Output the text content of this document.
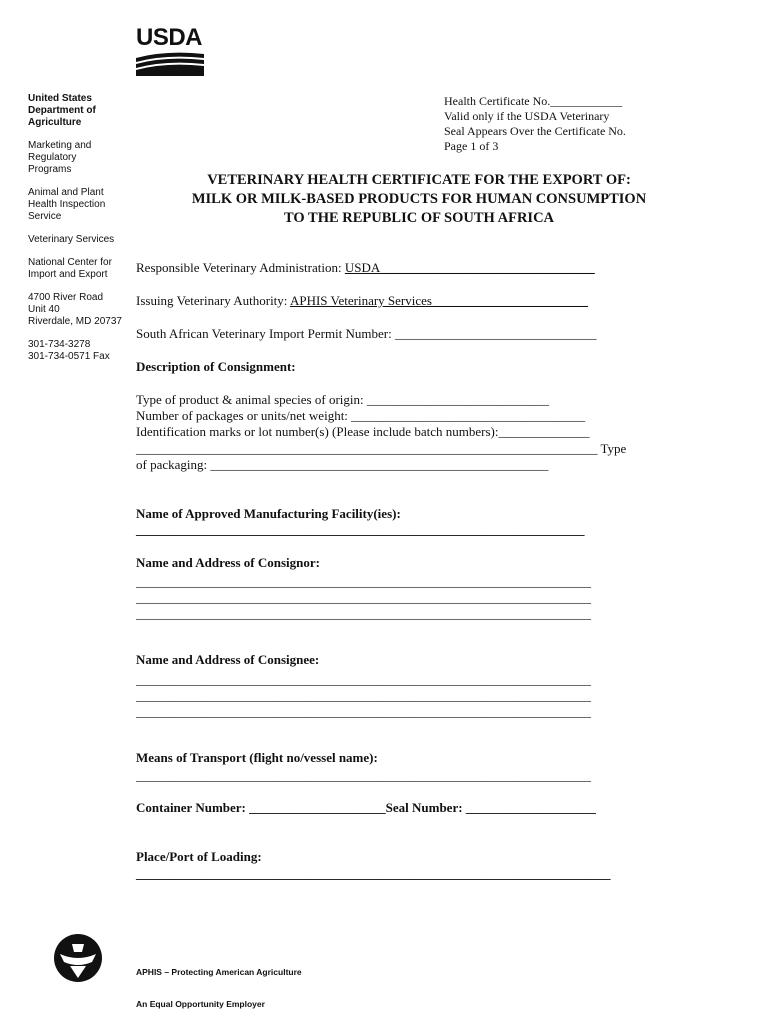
USDA
United States
Department of
Agriculture
Marketing and
Regulatory
Programs
Animal and Plant
Health Inspection
Service
Veterinary Services
National Center for
Import and Export
4700 River Road
Unit 40
Riverdale, MD 20737
301-734-3278
301-734-0571 Fax
Health Certificate No.____________
Valid only if the USDA Veterinary
Seal Appears Over the Certificate No.
Page 1 of 3
VETERINARY HEALTH CERTIFICATE FOR THE EXPORT OF:
MILK OR MILK-BASED PRODUCTS FOR HUMAN CONSUMPTION
TO THE REPUBLIC OF SOUTH AFRICA
Responsible Veterinary Administration: USDA_________________________________
Issuing Veterinary Authority: APHIS Veterinary Services________________________
South African Veterinary Import Permit Number: _______________________________
Description of Consignment:
Type of product & animal species of origin: ____________________________
Number of packages or units/net weight: ____________________________________
Identification marks or lot number(s) (Please include batch numbers):______________
_______________________________________________________________________ Type
of packaging: ____________________________________________________
Name of Approved Manufacturing Facility(ies):
_____________________________________________________________________
Name and Address of Consignor:
______________________________________________________________________
______________________________________________________________________
______________________________________________________________________
Name and Address of Consignee:
______________________________________________________________________
______________________________________________________________________
______________________________________________________________________
Means of Transport (flight no/vessel name):
______________________________________________________________________
Container Number: _____________________Seal Number: ____________________
Place/Port of Loading:
_________________________________________________________________________
APHIS – Protecting American Agriculture
An Equal Opportunity Employer
